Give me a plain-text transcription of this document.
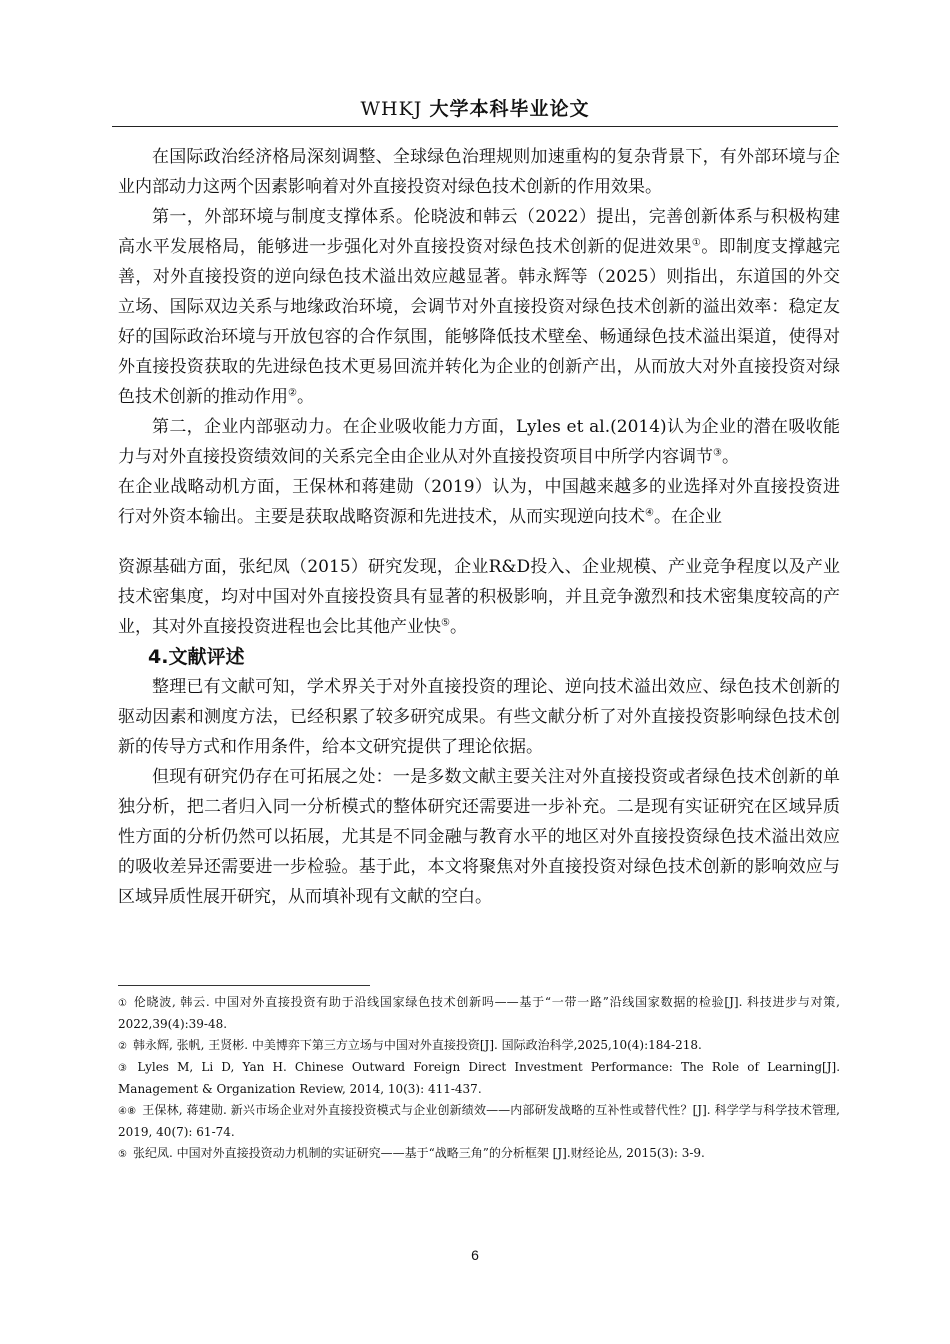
WHKJ 大学本科毕业论文

在国际政治经济格局深刻调整、全球绿色治理规则加速重构的复杂背景下，有外部环境与企业内部动力这两个因素影响着对外直接投资对绿色技术创新的作用效果。

第一，外部环境与制度支撑体系。伦晓波和韩云（2022）提出，完善创新体系与积极构建高水平发展格局，能够进一步强化对外直接投资对绿色技术创新的促进效果①。即制度支撑越完善，对外直接投资的逆向绿色技术溢出效应越显著。韩永辉等（2025）则指出，东道国的外交立场、国际双边关系与地缘政治环境，会调节对外直接投资对绿色技术创新的溢出效率：稳定友好的国际政治环境与开放包容的合作氛围，能够降低技术壁垒、畅通绿色技术溢出渠道，使得对外直接投资获取的先进绿色技术更易回流并转化为企业的创新产出，从而放大对外直接投资对绿色技术创新的推动作用②。

第二，企业内部驱动力。在企业吸收能力方面，Lyles et al.(2014)认为企业的潜在吸收能力与对外直接投资绩效间的关系完全由企业从对外直接投资项目中所学内容调节③。

在企业战略动机方面，王保林和蒋建勋（2019）认为，中国越来越多的业选择对外直接投资进行对外资本输出。主要是获取战略资源和先进技术，从而实现逆向技术④。在企业

资源基础方面，张纪凤（2015）研究发现，企业R&D投入、企业规模、产业竞争程度以及产业技术密集度，均对中国对外直接投资具有显著的积极影响，并且竞争激烈和技术密集度较高的产业，其对外直接投资进程也会比其他产业快⑤。

4.文献评述

整理已有文献可知，学术界关于对外直接投资的理论、逆向技术溢出效应、绿色技术创新的驱动因素和测度方法，已经积累了较多研究成果。有些文献分析了对外直接投资影响绿色技术创新的传导方式和作用条件，给本文研究提供了理论依据。

但现有研究仍存在可拓展之处：一是多数文献主要关注对外直接投资或者绿色技术创新的单独分析，把二者归入同一分析模式的整体研究还需要进一步补充。二是现有实证研究在区域异质性方面的分析仍然可以拓展，尤其是不同金融与教育水平的地区对外直接投资绿色技术溢出效应的吸收差异还需要进一步检验。基于此，本文将聚焦对外直接投资对绿色技术创新的影响效应与区域异质性展开研究，从而填补现有文献的空白。

① 伦晓波, 韩云. 中国对外直接投资有助于沿线国家绿色技术创新吗——基于“一带一路”沿线国家数据的检验[J]. 科技进步与对策, 2022,39(4):39-48.

② 韩永辉, 张帆, 王贤彬. 中美博弈下第三方立场与中国对外直接投资[J]. 国际政治科学,2025,10(4):184-218.

③ Lyles M, Li D, Yan H. Chinese Outward Foreign Direct Investment Performance: The Role of Learning[J]. Management & Organization Review, 2014, 10(3): 411-437.

④⑧ 王保林, 蒋建勋. 新兴市场企业对外直接投资模式与企业创新绩效——内部研发战略的互补性或替代性？[J]. 科学学与科学技术管理, 2019, 40(7): 61-74.

⑤ 张纪凤. 中国对外直接投资动力机制的实证研究——基于“战略三角”的分析框架 [J].财经论丛, 2015(3): 3-9.

6
